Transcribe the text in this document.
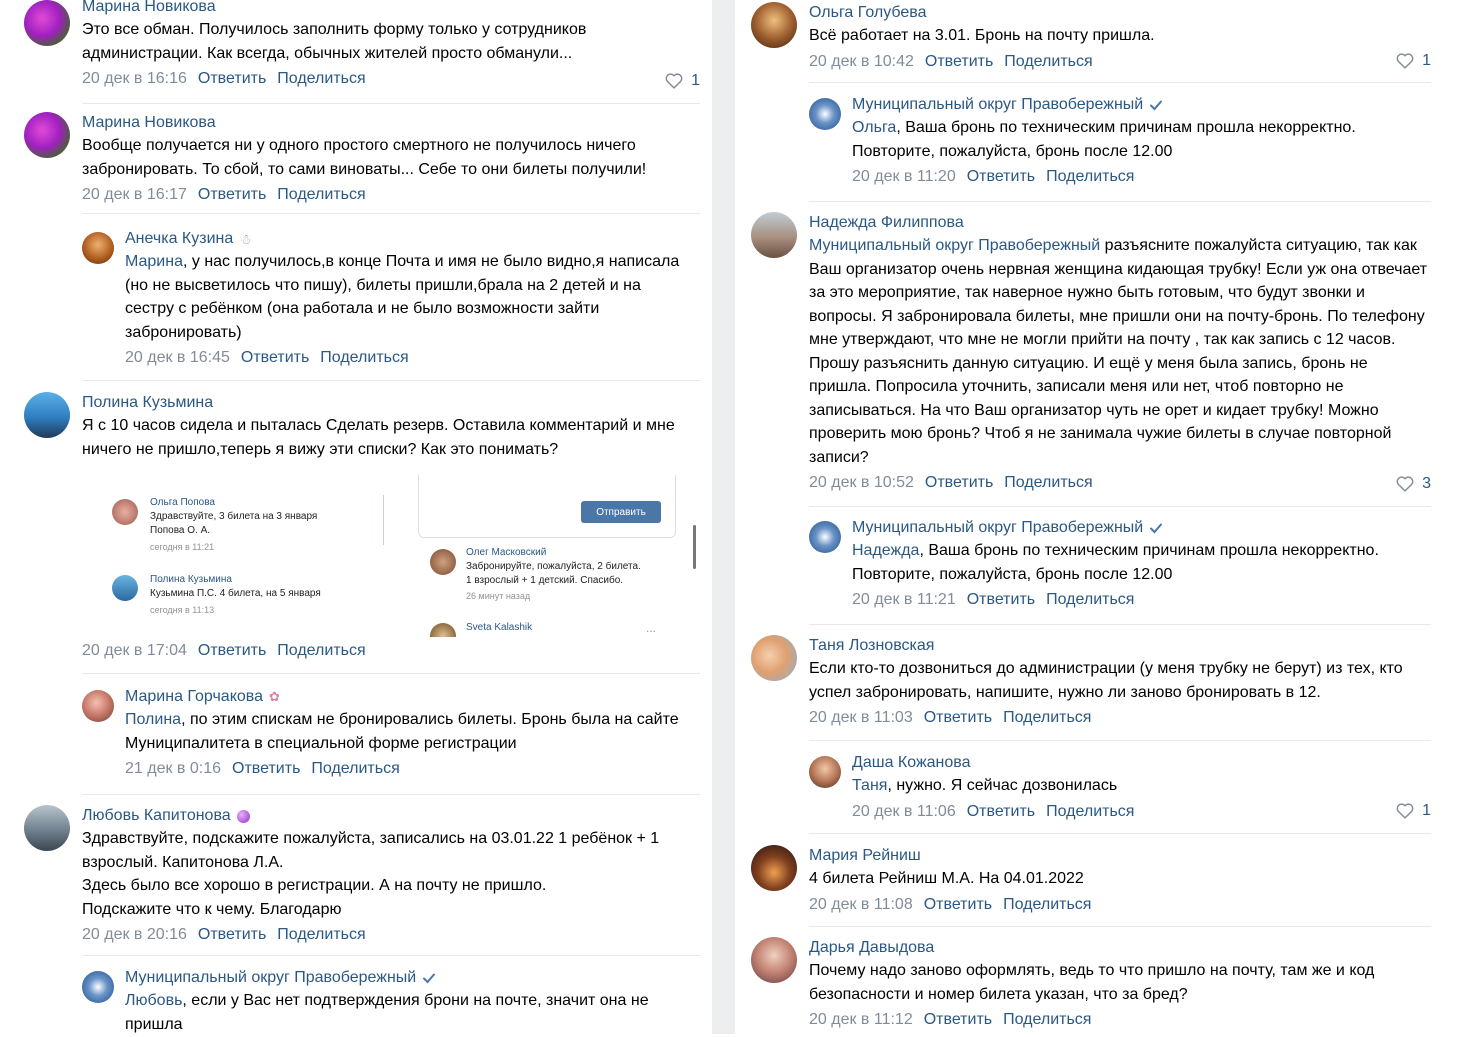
Марина Новикова
Это все обман. Получилось заполнить форму только у сотрудников администрации. Как всегда, обычных жителей просто обманули...
20 дек в 16:16 Ответить Поделиться	1
Марина Новикова
Вообще получается ни у одного простого смертного не получилось ничего забронировать. То сбой, то сами виноваты... Себе то они билеты получили!
20 дек в 16:17 Ответить Поделиться
Анечка Кузина ☃
Марина, у нас получилось,в конце Почта и имя не было видно,я написала (но не высветилось что пишу), билеты пришли,брала на 2 детей и на сестру с ребёнком (она работала и не было возможности зайти забронировать)
20 дек в 16:45 Ответить Поделиться
Полина Кузьмина
Я с 10 часов сидела и пыталась Сделать резерв. Оставила комментарий и мне ничего не пришло,теперь я вижу эти списки? Как это понимать?
Отправить
Ольга Попова
Здравствуйте, 3 билета на 3 января
Попова О. А.
сегодня в 11:21
Полина Кузьмина
Кузьмина П.С. 4 билета, на 5 января
сегодня в 11:13
Олег Масковский
Забронируйте, пожалуйста, 2 билета.
1 взрослый + 1 детский. Спасибо.
26 минут назад
Sveta Kalashik	...
20 дек в 17:04 Ответить Поделиться
Марина Горчакова ✿
Полина, по этим спискам не бронировались билеты. Бронь была на сайте Муниципалитета в специальной форме регистрации
21 дек в 0:16 Ответить Поделиться
Любовь Капитонова
Здравствуйте, подскажите пожалуйста, записались на 03.01.22 1 ребёнок + 1 взрослый. Капитонова Л.А.
Здесь было все хорошо в регистрации. А на почту не пришло.
Подскажите что к чему. Благодарю
20 дек в 20:16 Ответить Поделиться
Муниципальный округ Правобережный
Любовь, если у Вас нет подтверждения брони на почте, значит она не пришла
Ольга Голубева
Всё работает на 3.01. Бронь на почту пришла.
20 дек в 10:42 Ответить Поделиться	1
Муниципальный округ Правобережный
Ольга, Ваша бронь по техническим причинам прошла некорректно. Повторите, пожалуйста, бронь после 12.00
20 дек в 11:20 Ответить Поделиться
Надежда Филиппова
Муниципальный округ Правобережный разъясните пожалуйста ситуацию, так как Ваш организатор очень нервная женщина кидающая трубку! Если уж она отвечает за это мероприятие, так наверное нужно быть готовым, что будут звонки и вопросы. Я забронировала билеты, мне пришли они на почту-бронь. По телефону мне утверждают, что мне не могли прийти на почту , так как запись с 12 часов. Прошу разъяснить данную ситуацию. И ещё у меня была запись, бронь не пришла. Попросила уточнить, записали меня или нет, чтоб повторно не записываться. На что Ваш организатор чуть не орет и кидает трубку! Можно проверить мою бронь? Чтоб я не занимала чужие билеты в случае повторной записи?
20 дек в 10:52 Ответить Поделиться	3
Муниципальный округ Правобережный
Надежда, Ваша бронь по техническим причинам прошла некорректно. Повторите, пожалуйста, бронь после 12.00
20 дек в 11:21 Ответить Поделиться
Таня Лозновская
Если кто-то дозвониться до администрации (у меня трубку не берут) из тех, кто успел забронировать, напишите, нужно ли заново бронировать в 12.
20 дек в 11:03 Ответить Поделиться
Даша Кожанова
Таня, нужно. Я сейчас дозвонилась
20 дек в 11:06 Ответить Поделиться	1
Мария Рейниш
4 билета Рейниш М.А. На 04.01.2022
20 дек в 11:08 Ответить Поделиться
Дарья Давыдова
Почему надо заново оформлять, ведь то что пришло на почту, там же и код безопасности и номер билета указан, что за бред?
20 дек в 11:12 Ответить Поделиться
